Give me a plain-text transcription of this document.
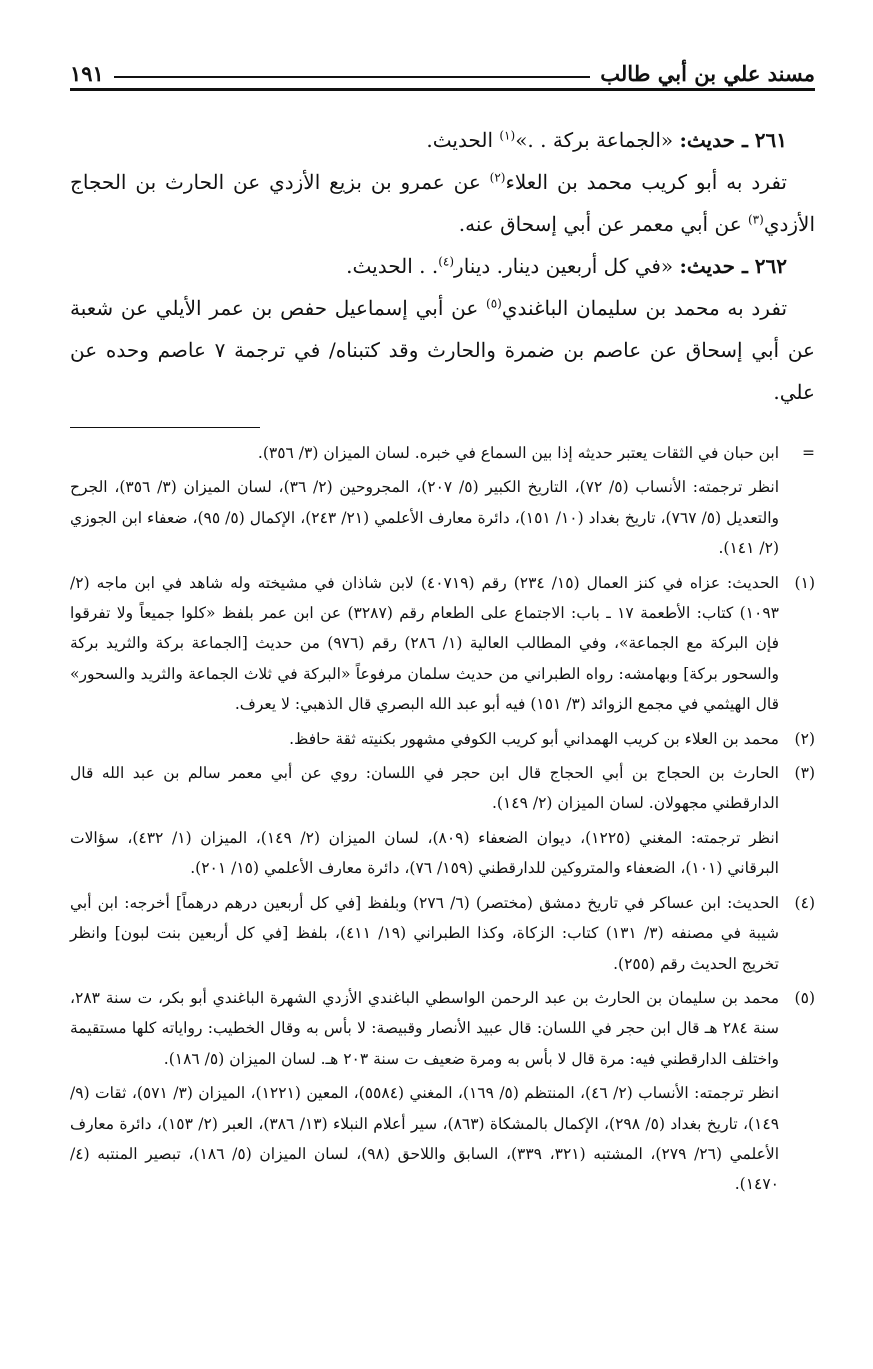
مسند علي بن أبي طالب
١٩١

٢٦١ ـ حديث: «الجماعة بركة . .»$^{(١)}$ الحديث.

تفرد به أبو كريب محمد بن العلاء$^{(٢)}$ عن عمرو بن بزيع الأزدي عن الحارث بن الحجاج الأزدي$^{(٣)}$ عن أبي معمر عن أبي إسحاق عنه.

٢٦٢ ـ حديث: «في كل أربعين دينار. دينار$^{(٤)}$. . الحديث.

تفرد به محمد بن سليمان الباغندي$^{(٥)}$ عن أبي إسماعيل حفص بن عمر الأيلي عن شعبة عن أبي إسحاق عن عاصم بن ضمرة والحارث وقد كتبناه/ في ترجمة ٧ عاصم وحده عن علي.

=

ابن حبان في الثقات يعتبر حديثه إذا بين السماع في خبره. لسان الميزان (٣/ ٣٥٦).

انظر ترجمته: الأنساب (٥/ ٧٢)، التاريخ الكبير (٥/ ٢٠٧)، المجروحين (٢/ ٣٦)، لسان الميزان (٣/ ٣٥٦)، الجرح والتعديل (٥/ ٧٦٧)، تاريخ بغداد (١٠/ ١٥١)، دائرة معارف الأعلمي (٢١/ ٢٤٣)، الإكمال (٥/ ٩٥)، ضعفاء ابن الجوزي (٢/ ١٤١).

(١)

الحديث: عزاه في كنز العمال (١٥/ ٢٣٤) رقم (٤٠٧١٩) لابن شاذان في مشيخته وله شاهد في ابن ماجه (٢/ ١٠٩٣) كتاب: الأطعمة ١٧ ـ باب: الاجتماع على الطعام رقم (٣٢٨٧) عن ابن عمر بلفظ «كلوا جميعاً ولا تفرقوا فإن البركة مع الجماعة»، وفي المطالب العالية (١/ ٢٨٦) رقم (٩٧٦) من حديث [الجماعة بركة والثريد بركة والسحور بركة] وبهامشه: رواه الطبراني من حديث سلمان مرفوعاً «البركة في ثلاث الجماعة والثريد والسحور» قال الهيثمي في مجمع الزوائد (٣/ ١٥١) فيه أبو عبد الله البصري قال الذهبي: لا يعرف.

(٢)

محمد بن العلاء بن كريب الهمداني أبو كريب الكوفي مشهور بكنيته ثقة حافظ.

(٣)

الحارث بن الحجاج بن أبي الحجاج قال ابن حجر في اللسان: روي عن أبي معمر سالم بن عبد الله قال الدارقطني مجهولان. لسان الميزان (٢/ ١٤٩).

انظر ترجمته: المغني (١٢٢٥)، ديوان الضعفاء (٨٠٩)، لسان الميزان (٢/ ١٤٩)، الميزان (١/ ٤٣٢)، سؤالات البرقاني (١٠١)، الضعفاء والمتروكين للدارقطني (١٥٩/ ٧٦)، دائرة معارف الأعلمي (١٥/ ٢٠١).

(٤)

الحديث: ابن عساكر في تاريخ دمشق (مختصر) (٦/ ٢٧٦) وبلفظ [في كل أربعين درهم درهماً] أخرجه: ابن أبي شيبة في مصنفه (٣/ ١٣١) كتاب: الزكاة، وكذا الطبراني (١٩/ ٤١١)، بلفظ [في كل أربعين بنت لبون] وانظر تخريج الحديث رقم (٢٥٥).

(٥)

محمد بن سليمان بن الحارث بن عبد الرحمن الواسطي الباغندي الأزدي الشهرة الباغندي أبو بكر، ت سنة ٢٨٣، سنة ٢٨٤ هـ قال ابن حجر في اللسان: قال عبيد الأنصار وقبيصة: لا بأس به وقال الخطيب: رواياته كلها مستقيمة واختلف الدارقطني فيه: مرة قال لا بأس به ومرة ضعيف ت سنة ٢٠٣ هـ. لسان الميزان (٥/ ١٨٦).

انظر ترجمته: الأنساب (٢/ ٤٦)، المنتظم (٥/ ١٦٩)، المغني (٥٥٨٤)، المعين (١٢٢١)، الميزان (٣/ ٥٧١)، ثقات (٩/ ١٤٩)، تاريخ بغداد (٥/ ٢٩٨)، الإكمال بالمشكاة (٨٦٣)، سير أعلام النبلاء (١٣/ ٣٨٦)، العبر (٢/ ١٥٣)، دائرة معارف الأعلمي (٢٦/ ٢٧٩)، المشتبه (٣٢١، ٣٣٩)، السابق واللاحق (٩٨)، لسان الميزان (٥/ ١٨٦)، تبصير المنتبه (٤/ ١٤٧٠).
